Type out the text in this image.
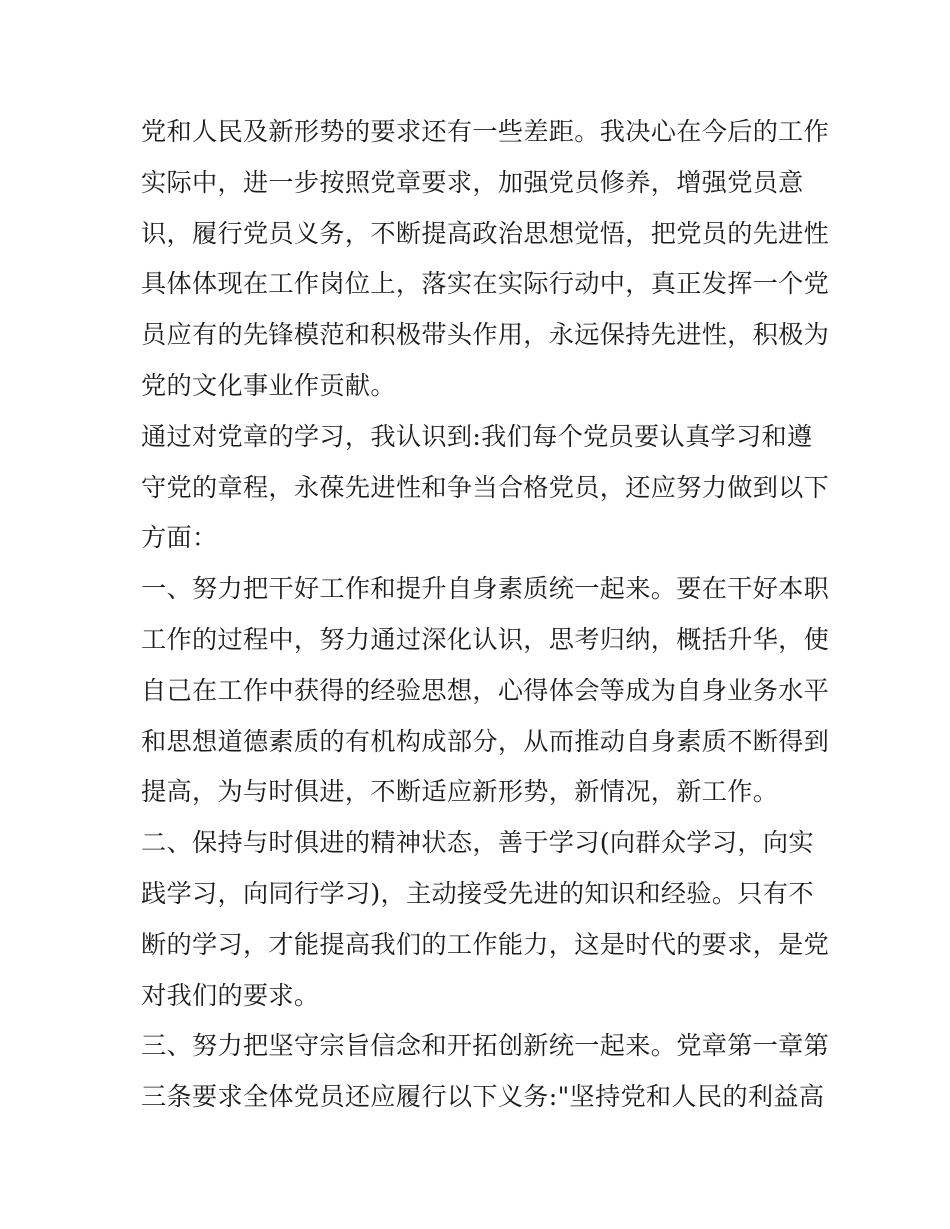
党和人民及新形势的要求还有一些差距。我决心在今后的工作
实际中，进一步按照党章要求，加强党员修养，增强党员意
识，履行党员义务，不断提高政治思想觉悟，把党员的先进性
具体体现在工作岗位上，落实在实际行动中，真正发挥一个党
员应有的先锋模范和积极带头作用，永远保持先进性，积极为
党的文化事业作贡献。
通过对党章的学习，我认识到:我们每个党员要认真学习和遵
守党的章程，永葆先进性和争当合格党员，还应努力做到以下
方面：
一、努力把干好工作和提升自身素质统一起来。要在干好本职
工作的过程中，努力通过深化认识，思考归纳，概括升华，使
自己在工作中获得的经验思想，心得体会等成为自身业务水平
和思想道德素质的有机构成部分，从而推动自身素质不断得到
提高，为与时俱进，不断适应新形势，新情况，新工作。
二、保持与时俱进的精神状态，善于学习(向群众学习，向实
践学习，向同行学习)，主动接受先进的知识和经验。只有不
断的学习，才能提高我们的工作能力，这是时代的要求，是党
对我们的要求。
三、努力把坚守宗旨信念和开拓创新统一起来。党章第一章第
三条要求全体党员还应履行以下义务:"坚持党和人民的利益高
